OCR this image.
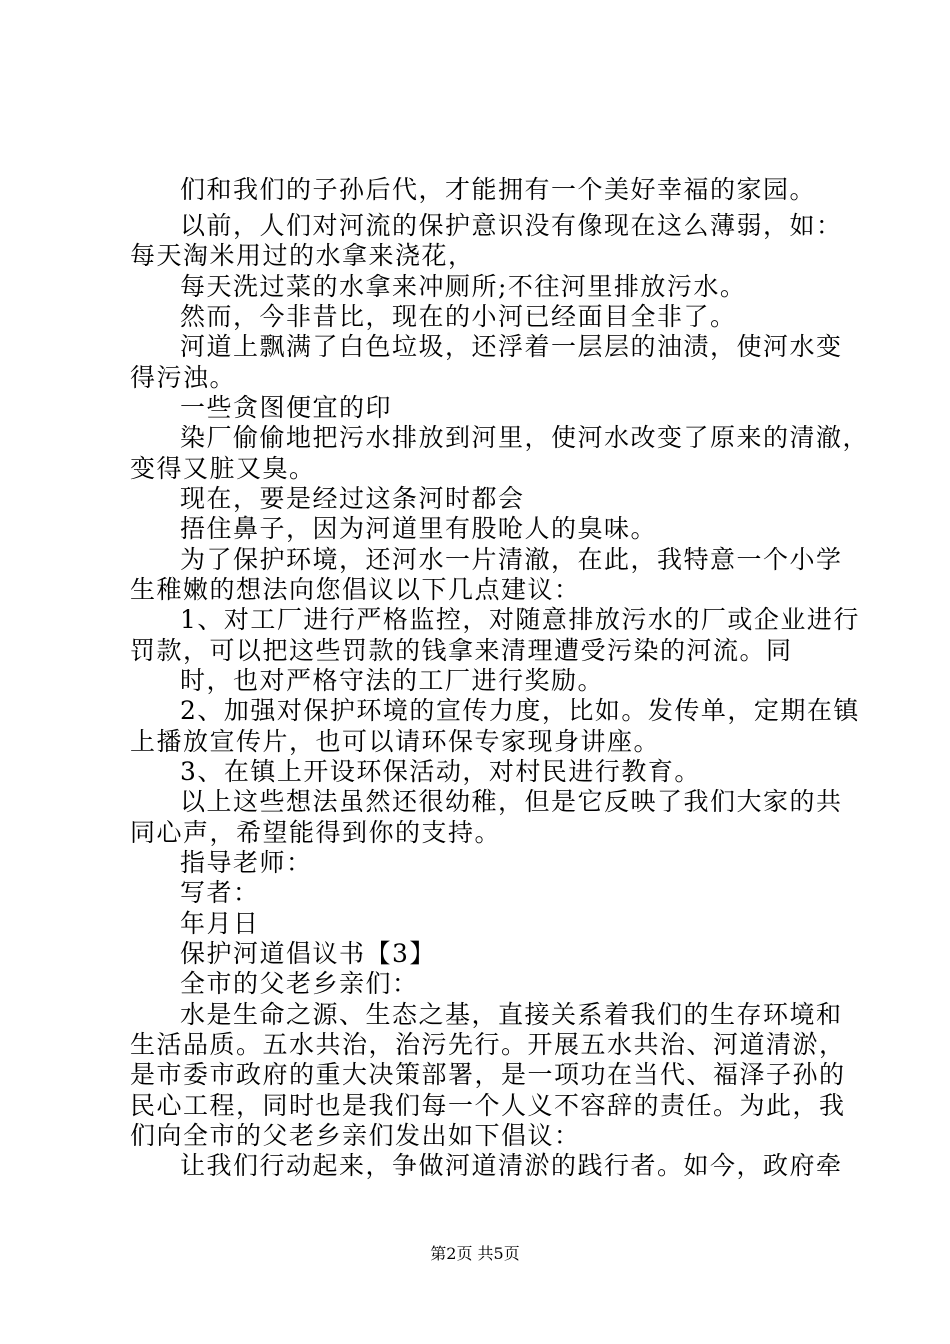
们和我们的子孙后代，才能拥有一个美好幸福的家园。
以前，人们对河流的保护意识没有像现在这么薄弱，如：
每天淘米用过的水拿来浇花，
每天洗过菜的水拿来冲厕所;不往河里排放污水。
然而，今非昔比，现在的小河已经面目全非了。
河道上飘满了白色垃圾，还浮着一层层的油渍，使河水变
得污浊。
一些贪图便宜的印
染厂偷偷地把污水排放到河里，使河水改变了原来的清澈，
变得又脏又臭。
现在，要是经过这条河时都会
捂住鼻子，因为河道里有股呛人的臭味。
为了保护环境，还河水一片清澈，在此，我特意一个小学
生稚嫩的想法向您倡议以下几点建议：
1、对工厂进行严格监控，对随意排放污水的厂或企业进行
罚款，可以把这些罚款的钱拿来清理遭受污染的河流。同
时，也对严格守法的工厂进行奖励。
2、加强对保护环境的宣传力度，比如。发传单，定期在镇
上播放宣传片，也可以请环保专家现身讲座。
3、在镇上开设环保活动，对村民进行教育。
以上这些想法虽然还很幼稚，但是它反映了我们大家的共
同心声，希望能得到你的支持。
指导老师：
写者：
年月日
保护河道倡议书【3】
全市的父老乡亲们：
水是生命之源、生态之基，直接关系着我们的生存环境和
生活品质。五水共治，治污先行。开展五水共治、河道清淤，
是市委市政府的重大决策部署，是一项功在当代、福泽子孙的
民心工程，同时也是我们每一个人义不容辞的责任。为此，我
们向全市的父老乡亲们发出如下倡议：
让我们行动起来，争做河道清淤的践行者。如今，政府牵
第2页 共5页
